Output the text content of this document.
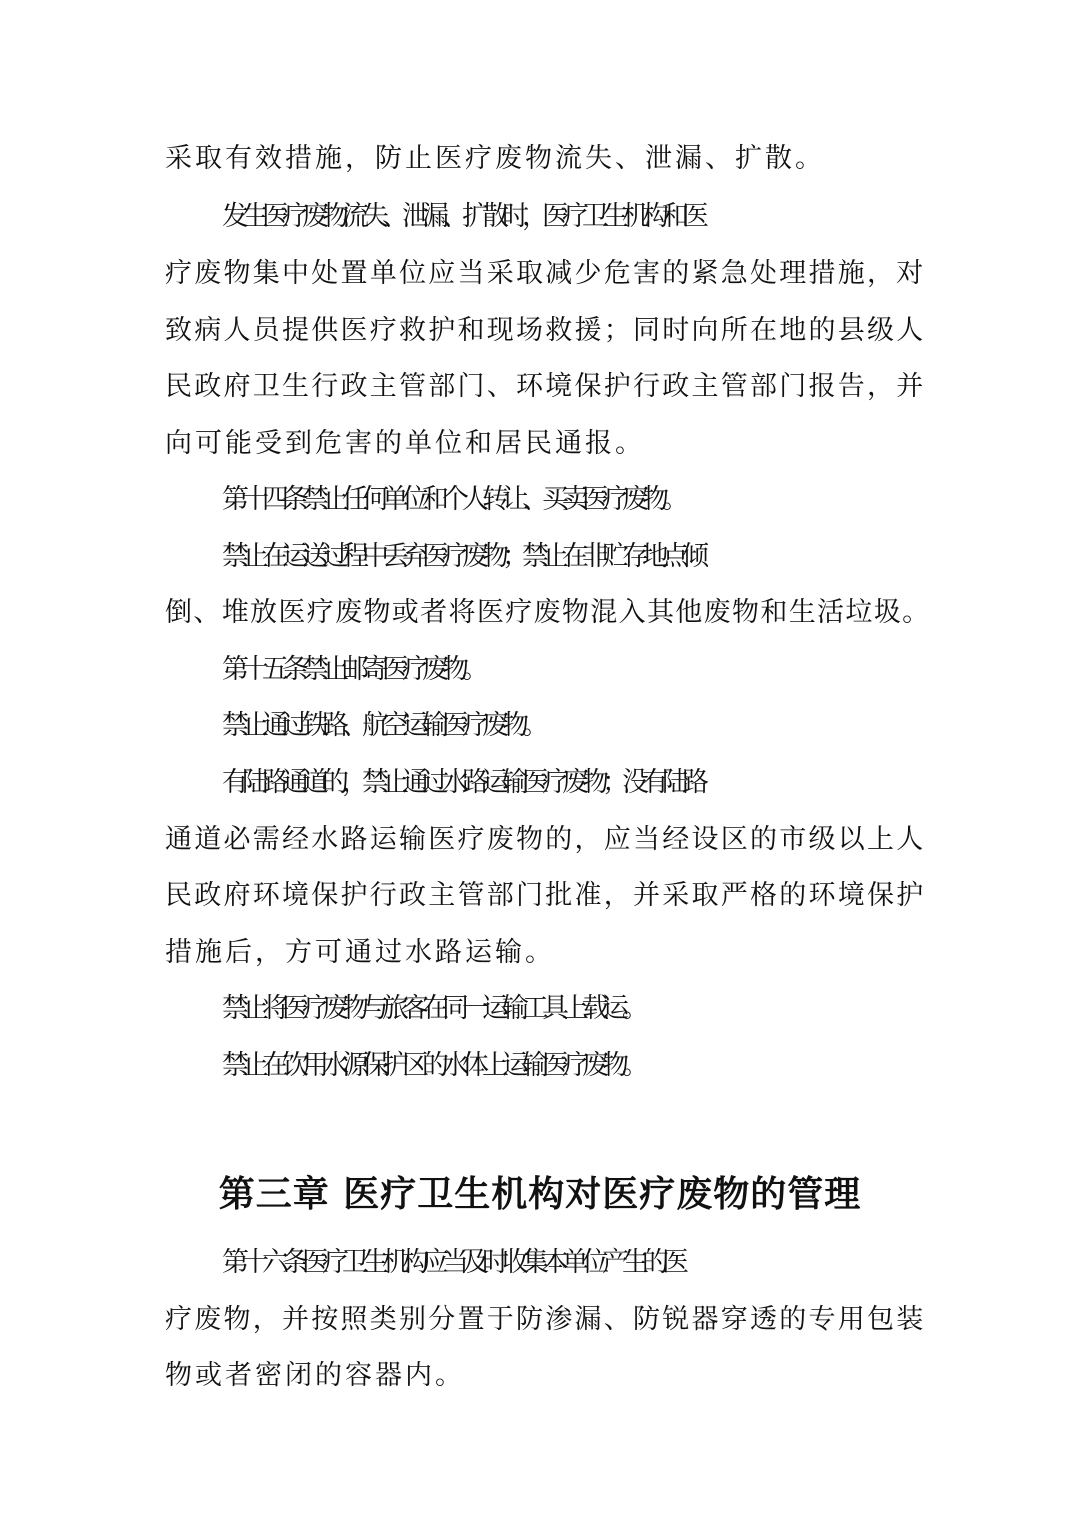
采取有效措施，防止医疗废物流失、泄漏、扩散。

发生医疗废物流失、泄漏、扩散时，医疗卫生机构和医

疗废物集中处置单位应当采取减少危害的紧急处理措施，对

致病人员提供医疗救护和现场救援；同时向所在地的县级人

民政府卫生行政主管部门、环境保护行政主管部门报告，并

向可能受到危害的单位和居民通报。

第十四条禁止任何单位和个人转让、买卖医疗废物。

禁止在运送过程中丢弃医疗废物；禁止在非贮存地点倾

倒、堆放医疗废物或者将医疗废物混入其他废物和生活垃圾。

第十五条禁止邮寄医疗废物。

禁止通过铁路、航空运输医疗废物。

有陆路通道的，禁止通过水路运输医疗废物；没有陆路

通道必需经水路运输医疗废物的，应当经设区的市级以上人

民政府环境保护行政主管部门批准，并采取严格的环境保护

措施后，方可通过水路运输。

禁止将医疗废物与旅客在同一运输工具上载运。

禁止在饮用水源保护区的水体上运输医疗废物。

第三章 医疗卫生机构对医疗废物的管理

第十六条医疗卫生机构应当及时收集本单位产生的医

疗废物，并按照类别分置于防渗漏、防锐器穿透的专用包装

物或者密闭的容器内。
